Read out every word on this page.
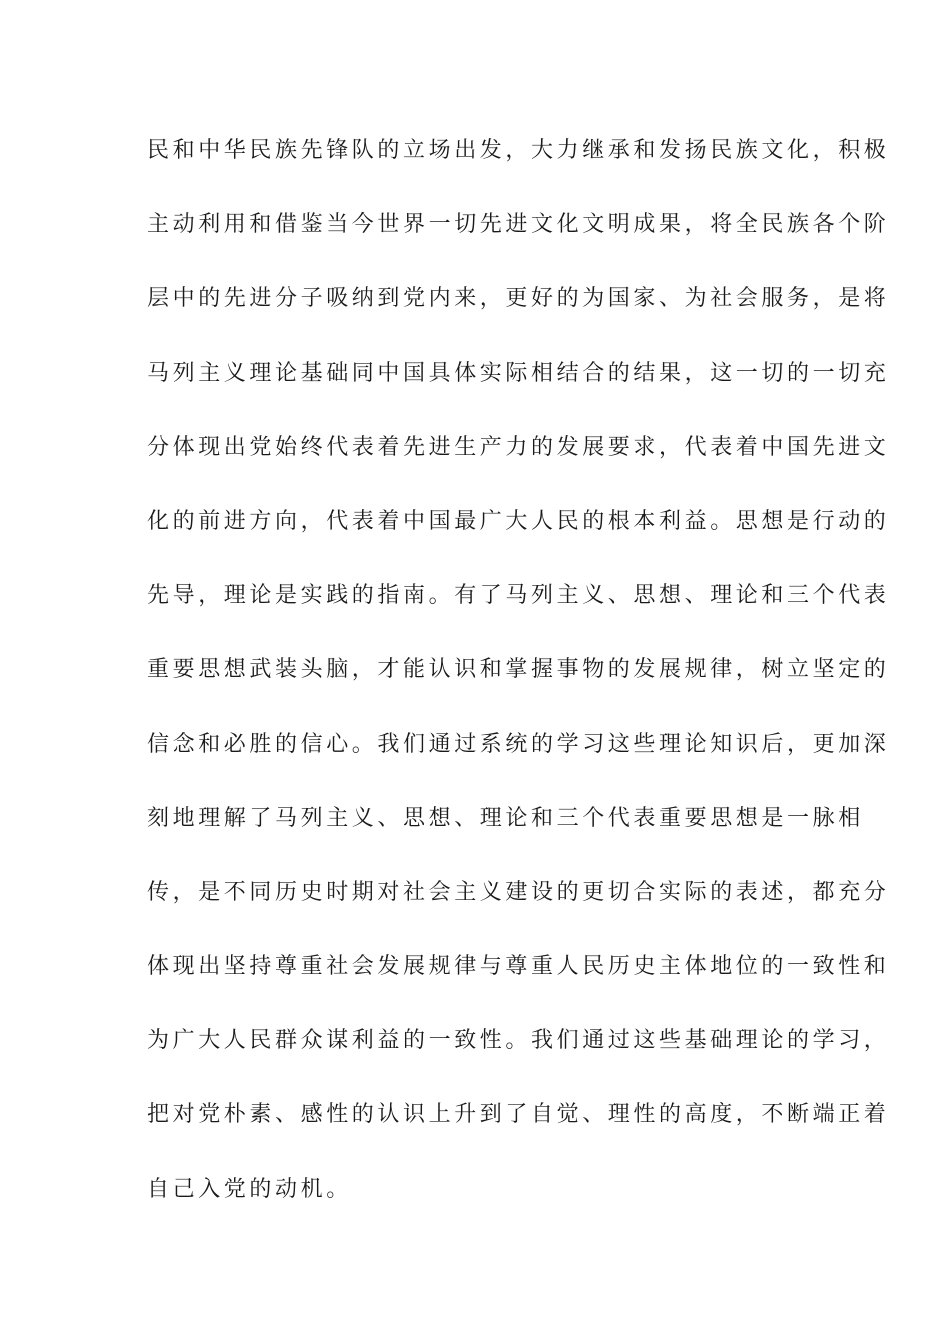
民和中华民族先锋队的立场出发，大力继承和发扬民族文化，积极
主动利用和借鉴当今世界一切先进文化文明成果，将全民族各个阶
层中的先进分子吸纳到党内来，更好的为国家、为社会服务，是将
马列主义理论基础同中国具体实际相结合的结果，这一切的一切充
分体现出党始终代表着先进生产力的发展要求，代表着中国先进文
化的前进方向，代表着中国最广大人民的根本利益。思想是行动的
先导，理论是实践的指南。有了马列主义、思想、理论和三个代表
重要思想武装头脑，才能认识和掌握事物的发展规律，树立坚定的
信念和必胜的信心。我们通过系统的学习这些理论知识后，更加深
刻地理解了马列主义、思想、理论和三个代表重要思想是一脉相
传，是不同历史时期对社会主义建设的更切合实际的表述，都充分
体现出坚持尊重社会发展规律与尊重人民历史主体地位的一致性和
为广大人民群众谋利益的一致性。我们通过这些基础理论的学习，
把对党朴素、感性的认识上升到了自觉、理性的高度，不断端正着
自己入党的动机。
